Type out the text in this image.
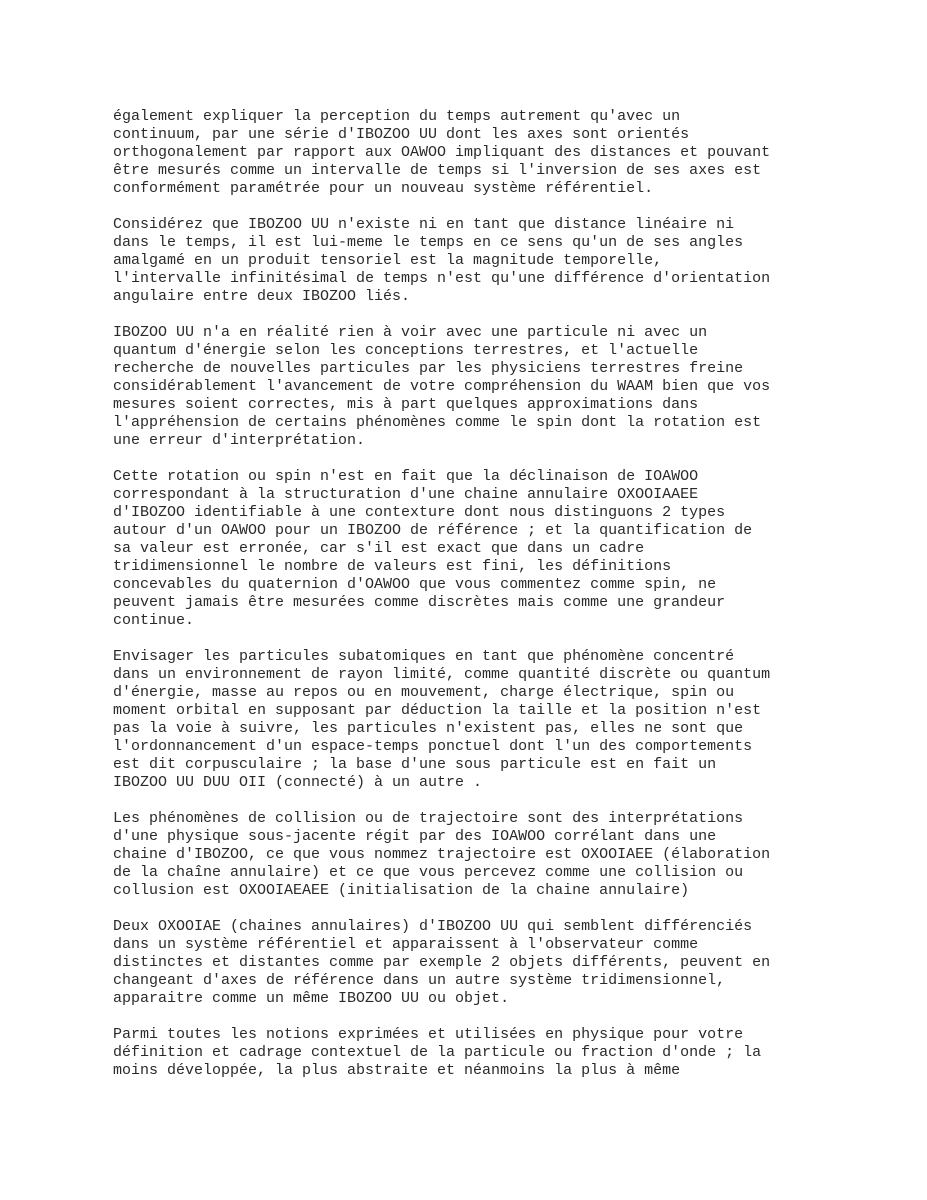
également expliquer la perception du temps autrement qu'avec un
continuum, par une série d'IBOZOO UU dont les axes sont orientés
orthogonalement par rapport aux OAWOO impliquant des distances et pouvant
être mesurés comme un intervalle de temps si l'inversion de ses axes est
conformément paramétrée pour un nouveau système référentiel.

Considérez que IBOZOO UU n'existe ni en tant que distance linéaire ni
dans le temps, il est lui-meme le temps en ce sens qu'un de ses angles
amalgamé en un produit tensoriel est la magnitude temporelle,
l'intervalle infinitésimal de temps n'est qu'une différence d'orientation
angulaire entre deux IBOZOO liés.

IBOZOO UU n'a en réalité rien à voir avec une particule ni avec un
quantum d'énergie selon les conceptions terrestres, et l'actuelle
recherche de nouvelles particules par les physiciens terrestres freine
considérablement l'avancement de votre compréhension du WAAM bien que vos
mesures soient correctes, mis à part quelques approximations dans
l'appréhension de certains phénomènes comme le spin dont la rotation est
une erreur d'interprétation.

Cette rotation ou spin n'est en fait que la déclinaison de IOAWOO
correspondant à la structuration d'une chaine annulaire OXOOIAAEE
d'IBOZOO identifiable à une contexture dont nous distinguons 2 types
autour d'un OAWOO pour un IBOZOO de référence ; et la quantification de
sa valeur est erronée, car s'il est exact que dans un cadre
tridimensionnel le nombre de valeurs est fini, les définitions
concevables du quaternion d'OAWOO que vous commentez comme spin, ne
peuvent jamais être mesurées comme discrètes mais comme une grandeur
continue.

Envisager les particules subatomiques en tant que phénomène concentré
dans un environnement de rayon limité, comme quantité discrète ou quantum
d'énergie, masse au repos ou en mouvement, charge électrique, spin ou
moment orbital en supposant par déduction la taille et la position n'est
pas la voie à suivre, les particules n'existent pas, elles ne sont que
l'ordonnancement d'un espace-temps ponctuel dont l'un des comportements
est dit corpusculaire ; la base d'une sous particule est en fait un
IBOZOO UU DUU OII (connecté) à un autre .

Les phénomènes de collision ou de trajectoire sont des interprétations
d'une physique sous-jacente régit par des IOAWOO corrélant dans une
chaine d'IBOZOO, ce que vous nommez trajectoire est OXOOIAEE (élaboration
de la chaîne annulaire) et ce que vous percevez comme une collision ou
collusion est OXOOIAEAEE (initialisation de la chaine annulaire)

Deux OXOOIAE (chaines annulaires) d'IBOZOO UU qui semblent différenciés
dans un système référentiel et apparaissent à l'observateur comme
distinctes et distantes comme par exemple 2 objets différents, peuvent en
changeant d'axes de référence dans un autre système tridimensionnel,
apparaitre comme un même IBOZOO UU ou objet.

Parmi toutes les notions exprimées et utilisées en physique pour votre
définition et cadrage contextuel de la particule ou fraction d'onde ; la
moins développée, la plus abstraite et néanmoins la plus à même
